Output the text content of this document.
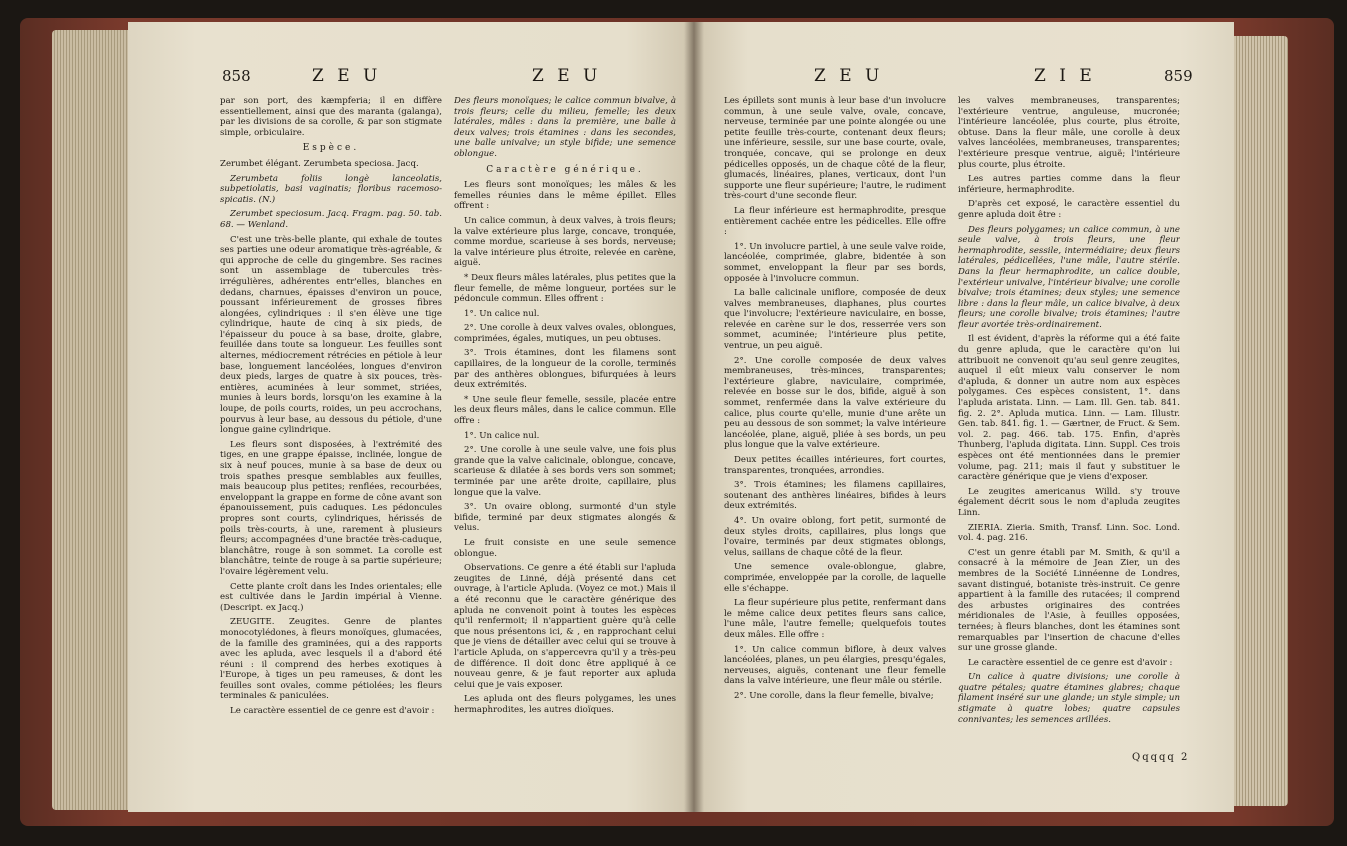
858	Z E U	Z E U

par son port, des kæmpferia; il en diffère essentiellement, ainsi que des maranta (galanga), par les divisions de sa corolle, & par son stigmate simple, orbiculaire.

Espèce.

Zerumbet élégant. Zerumbeta speciosa. Jacq.

Zerumbeta foliis longè lanceolatis, subpetiolatis, basi vaginatis; floribus racemoso-spicatis. (N.)

Zerumbet speciosum. Jacq. Fragm. pag. 50. tab. 68. — Wenland.

C'est une très-belle plante, qui exhale de toutes ses parties une odeur aromatique très-agréable, & qui approche de celle du gingembre. Ses racines sont un assemblage de tubercules très-irrégulières, adhérentes entr'elles, blanches en dedans, charnues, épaisses d'environ un pouce, poussant inférieurement de grosses fibres alongées, cylindriques : il s'en élève une tige cylindrique, haute de cinq à six pieds, de l'épaisseur du pouce à sa base, droite, glabre, feuillée dans toute sa longueur. Les feuilles sont alternes, médiocrement rétrécies en pétiole à leur base, longuement lancéolées, longues d'environ deux pieds, larges de quatre à six pouces, très-entières, acuminées à leur sommet, striées, munies à leurs bords, lorsqu'on les examine à la loupe, de poils courts, roides, un peu accrochans, pourvus à leur base, au dessous du pétiole, d'une longue gaine cylindrique.

Les fleurs sont disposées, à l'extrémité des tiges, en une grappe épaisse, inclinée, longue de six à neuf pouces, munie à sa base de deux ou trois spathes presque semblables aux feuilles, mais beaucoup plus petites; renflées, recourbées, enveloppant la grappe en forme de cône avant son épanouissement, puis caduques. Les pédoncules propres sont courts, cylindriques, hérissés de poils très-courts, à une, rarement à plusieurs fleurs; accompagnées d'une bractée très-caduque, blanchâtre, rouge à son sommet. La corolle est blanchâtre, teinte de rouge à sa partie supérieure; l'ovaire légèrement velu.

Cette plante croît dans les Indes orientales; elle est cultivée dans le Jardin impérial à Vienne. (Descript. ex Jacq.)

ZEUGITE. Zeugites. Genre de plantes monocotylédones, à fleurs monoïques, glumacées, de la famille des graminées, qui a des rapports avec les apluda, avec lesquels il a d'abord été réuni : il comprend des herbes exotiques à l'Europe, à tiges un peu rameuses, & dont les feuilles sont ovales, comme pétiolées; les fleurs terminales & paniculées.

Le caractère essentiel de ce genre est d'avoir :

Des fleurs monoïques; le calice commun bivalve, à trois fleurs; celle du milieu, femelle; les deux latérales, mâles : dans la première, une balle à deux valves; trois étamines : dans les secondes, une balle univalve; un style bifide; une semence oblongue.

Caractère générique.

Les fleurs sont monoïques; les mâles & les femelles réunies dans le même épillet. Elles offrent :

Un calice commun, à deux valves, à trois fleurs; la valve extérieure plus large, concave, tronquée, comme mordue, scarieuse à ses bords, nerveuse; la valve intérieure plus étroite, relevée en carène, aiguë.

* Deux fleurs mâles latérales, plus petites que la fleur femelle, de même longueur, portées sur le pédoncule commun. Elles offrent :

1°. Un calice nul.

2°. Une corolle à deux valves ovales, oblongues, comprimées, égales, mutiques, un peu obtuses.

3°. Trois étamines, dont les filamens sont capillaires, de la longueur de la corolle, terminés par des anthères oblongues, bifurquées à leurs deux extrémités.

* Une seule fleur femelle, sessile, placée entre les deux fleurs mâles, dans le calice commun. Elle offre :

1°. Un calice nul.

2°. Une corolle à une seule valve, une fois plus grande que la valve calicinale, oblongue, concave, scarieuse & dilatée à ses bords vers son sommet; terminée par une arête droite, capillaire, plus longue que la valve.

3°. Un ovaire oblong, surmonté d'un style bifide, terminé par deux stigmates alongés & velus.

Le fruit consiste en une seule semence oblongue.

Observations. Ce genre a été établi sur l'apluda zeugites de Linné, déjà présenté dans cet ouvrage, à l'article Apluda. (Voyez ce mot.) Mais il a été reconnu que le caractère générique des apluda ne convenoit point à toutes les espèces qu'il renfermoit; il n'appartient guère qu'à celle que nous présentons ici, & , en rapprochant celui que je viens de détailler avec celui qui se trouve à l'article Apluda, on s'appercevra qu'il y a très-peu de différence. Il doit donc être appliqué à ce nouveau genre, & je faut reporter aux apluda celui que je vais exposer.

Les apluda ont des fleurs polygames, les unes hermaphrodites, les autres dioïques.

Z E U	Z I E	859

Les épillets sont munis à leur base d'un involucre commun, à une seule valve, ovale, concave, nerveuse, terminée par une pointe alongée ou une petite feuille très-courte, contenant deux fleurs; une inférieure, sessile, sur une base courte, ovale, tronquée, concave, qui se prolonge en deux pédicelles opposés, un de chaque côté de la fleur, glumacés, linéaires, planes, verticaux, dont l'un supporte une fleur supérieure; l'autre, le rudiment très-court d'une seconde fleur.

La fleur inférieure est hermaphrodite, presque entièrement cachée entre les pédicelles. Elle offre :

1°. Un involucre partiel, à une seule valve roide, lancéolée, comprimée, glabre, bidentée à son sommet, enveloppant la fleur par ses bords, opposée à l'involucre commun.

La balle calicinale uniflore, composée de deux valves membraneuses, diaphanes, plus courtes que l'involucre; l'extérieure naviculaire, en bosse, relevée en carène sur le dos, resserrée vers son sommet, acuminée; l'intérieure plus petite, ventrue, un peu aiguë.

2°. Une corolle composée de deux valves membraneuses, très-minces, transparentes; l'extérieure glabre, naviculaire, comprimée, relevée en bosse sur le dos, bifide, aiguë à son sommet, renfermée dans la valve extérieure du calice, plus courte qu'elle, munie d'une arête un peu au dessous de son sommet; la valve intérieure lancéolée, plane, aiguë, pliée à ses bords, un peu plus longue que la valve extérieure.

Deux petites écailles intérieures, fort courtes, transparentes, tronquées, arrondies.

3°. Trois étamines; les filamens capillaires, soutenant des anthères linéaires, bifides à leurs deux extrémités.

4°. Un ovaire oblong, fort petit, surmonté de deux styles droits, capillaires, plus longs que l'ovaire, terminés par deux stigmates oblongs, velus, saillans de chaque côté de la fleur.

Une semence ovale-oblongue, glabre, comprimée, enveloppée par la corolle, de laquelle elle s'échappe.

La fleur supérieure plus petite, renfermant dans le même calice deux petites fleurs sans calice, l'une mâle, l'autre femelle; quelquefois toutes deux mâles. Elle offre :

1°. Un calice commun biflore, à deux valves lancéolées, planes, un peu élargies, presqu'égales, nerveuses, aiguës, contenant une fleur femelle dans la valve intérieure, une fleur mâle ou stérile.

2°. Une corolle, dans la fleur femelle, bivalve;

les valves membraneuses, transparentes; l'extérieure ventrue, anguleuse, mucronée; l'intérieure lancéolée, plus courte, plus étroite, obtuse. Dans la fleur mâle, une corolle à deux valves lancéolées, membraneuses, transparentes; l'extérieure presque ventrue, aiguë; l'intérieure plus courte, plus étroite.

Les autres parties comme dans la fleur inférieure, hermaphrodite.

D'après cet exposé, le caractère essentiel du genre apluda doit être :

Des fleurs polygames; un calice commun, à une seule valve, à trois fleurs, une fleur hermaphrodite, sessile, intermédiaire; deux fleurs latérales, pédicellées, l'une mâle, l'autre stérile. Dans la fleur hermaphrodite, un calice double, l'extérieur univalve, l'intérieur bivalve; une corolle bivalve; trois étamines; deux styles; une semence libre : dans la fleur mâle, un calice bivalve, à deux fleurs; une corolle bivalve; trois étamines; l'autre fleur avortée très-ordinairement.

Il est évident, d'après la réforme qui a été faite du genre apluda, que le caractère qu'on lui attribuoit ne convenoit qu'au seul genre zeugites, auquel il eût mieux valu conserver le nom d'apluda, & donner un autre nom aux espèces polygames. Ces espèces consistent, 1°. dans l'apluda aristata. Linn. — Lam. Ill. Gen. tab. 841. fig. 2. 2°. Apluda mutica. Linn. — Lam. Illustr. Gen. tab. 841. fig. 1. — Gærtner, de Fruct. & Sem. vol. 2. pag. 466. tab. 175. Enfin, d'après Thunberg, l'apluda digitata. Linn. Suppl. Ces trois espèces ont été mentionnées dans le premier volume, pag. 211; mais il faut y substituer le caractère générique que je viens d'exposer.

Le zeugites americanus Willd. s'y trouve également décrit sous le nom d'apluda zeugites Linn.

ZIERIA. Zieria. Smith, Transf. Linn. Soc. Lond. vol. 4. pag. 216.

C'est un genre établi par M. Smith, & qu'il a consacré à la mémoire de Jean Zier, un des membres de la Société Linnéenne de Londres, savant distingué, botaniste très-instruit. Ce genre appartient à la famille des rutacées; il comprend des arbustes originaires des contrées méridionales de l'Asie, à feuilles opposées, ternées; à fleurs blanches, dont les étamines sont remarquables par l'insertion de chacune d'elles sur une grosse glande.

Le caractère essentiel de ce genre est d'avoir :

Un calice à quatre divisions; une corolle à quatre pétales; quatre étamines glabres; chaque filament inséré sur une glande; un style simple; un stigmate à quatre lobes; quatre capsules connivantes; les semences arillées.

Qqqqq 2
